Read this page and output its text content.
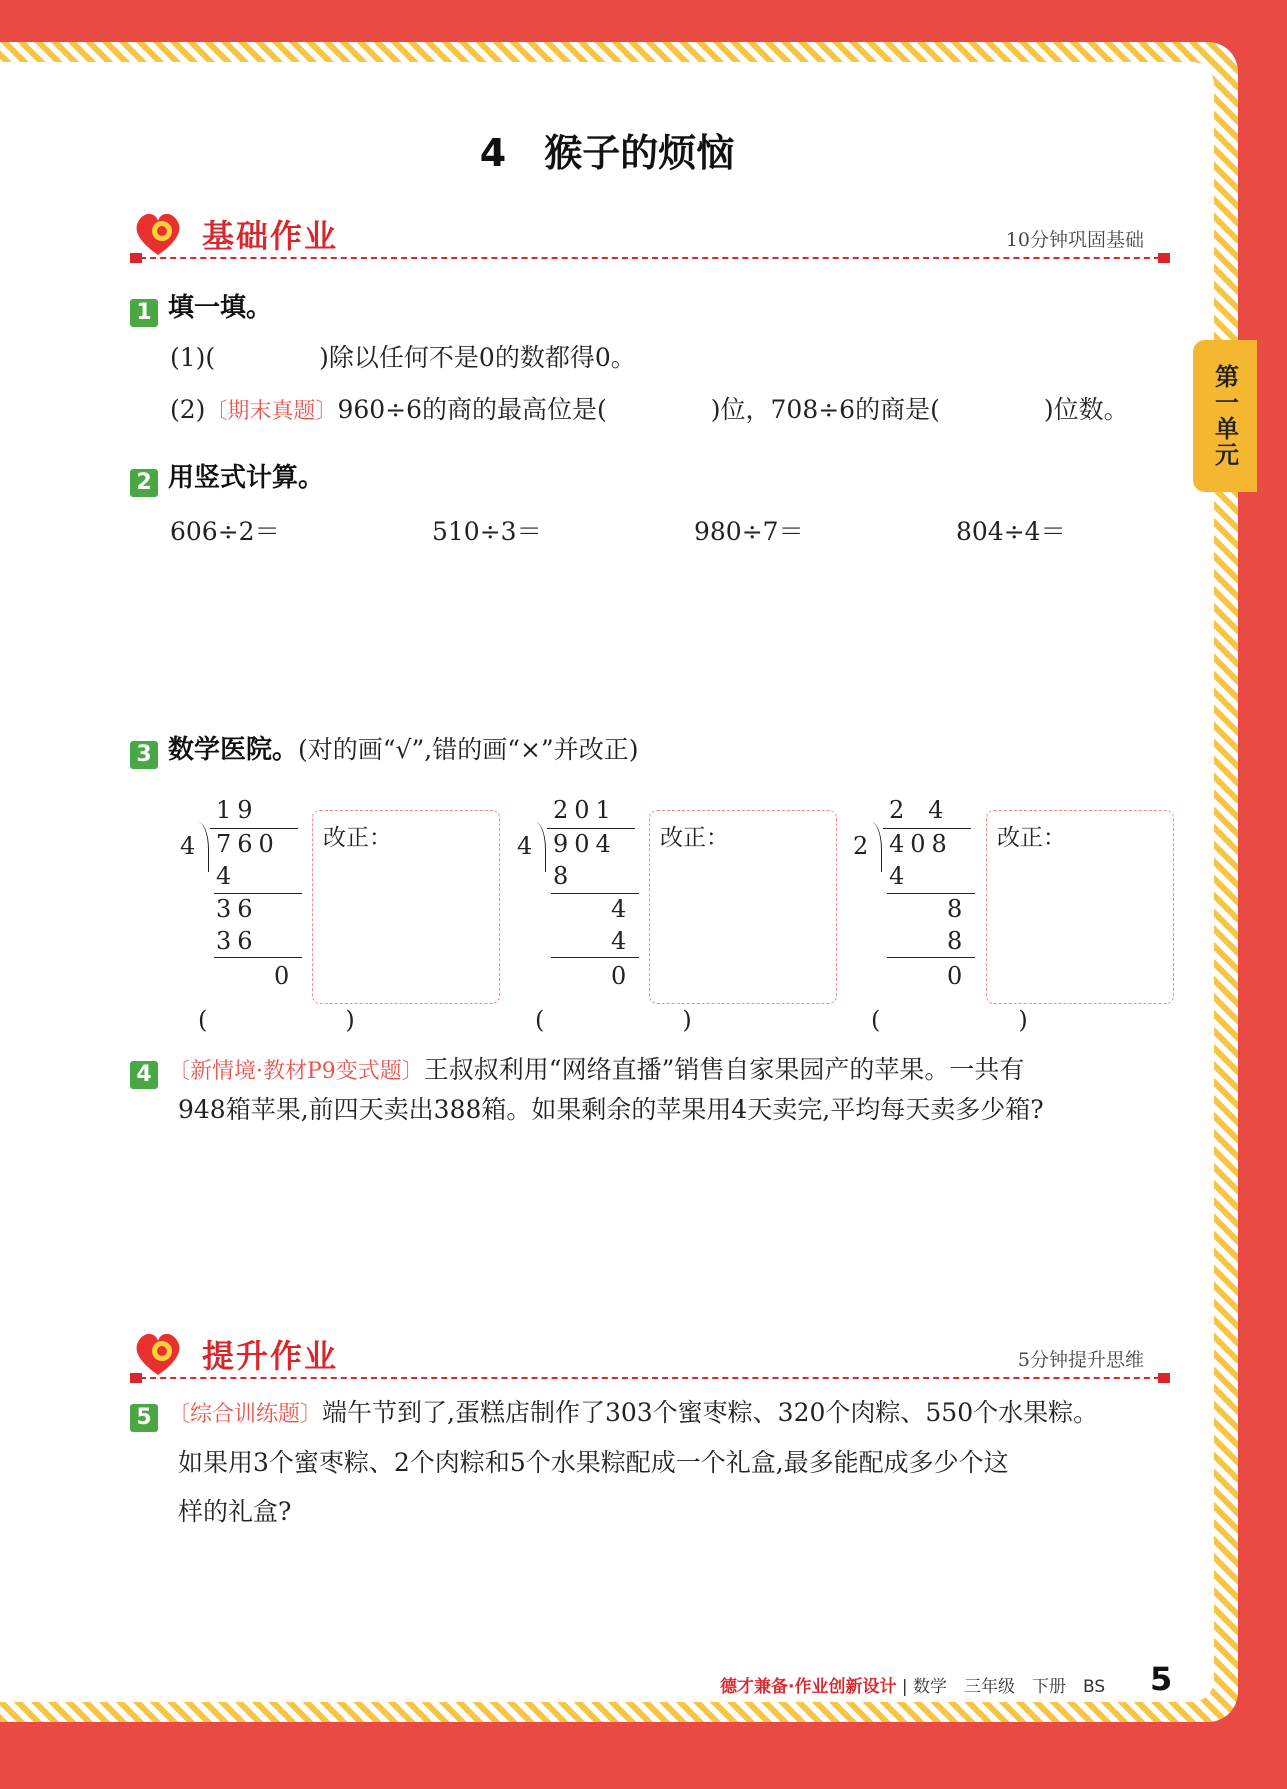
第一单元
4　猴子的烦恼
基础作业	10分钟巩固基础
1 填一填。
(1)(	)除以任何不是0的数都得0。
(2)〔期末真题〕960÷6的商的最高位是(	)位，708÷6的商是(	)位数。
2 用竖式计算。
606÷2＝	510÷3＝	980÷7＝	804÷4＝
3 数学医院。(对的画“√”,错的画“×”并改正)
19
4 760
4
36
36
0
(　　)
改正：
201
4 904
8
4
4
0
(　　)
改正：
2　4
2 408
4
8
8
0
(　　)
改正：
4 〔新情境·教材P9变式题〕王叔叔利用“网络直播”销售自家果园产的苹果。一共有
948箱苹果,前四天卖出388箱。如果剩余的苹果用4天卖完,平均每天卖多少箱?
提升作业	5分钟提升思维
5 〔综合训练题〕端午节到了,蛋糕店制作了303个蜜枣粽、320个肉粽、550个水果粽。
如果用3个蜜枣粽、2个肉粽和5个水果粽配成一个礼盒,最多能配成多少个这
样的礼盒?
德才兼备·作业创新设计 | 数学　三年级　下册　BS 5
